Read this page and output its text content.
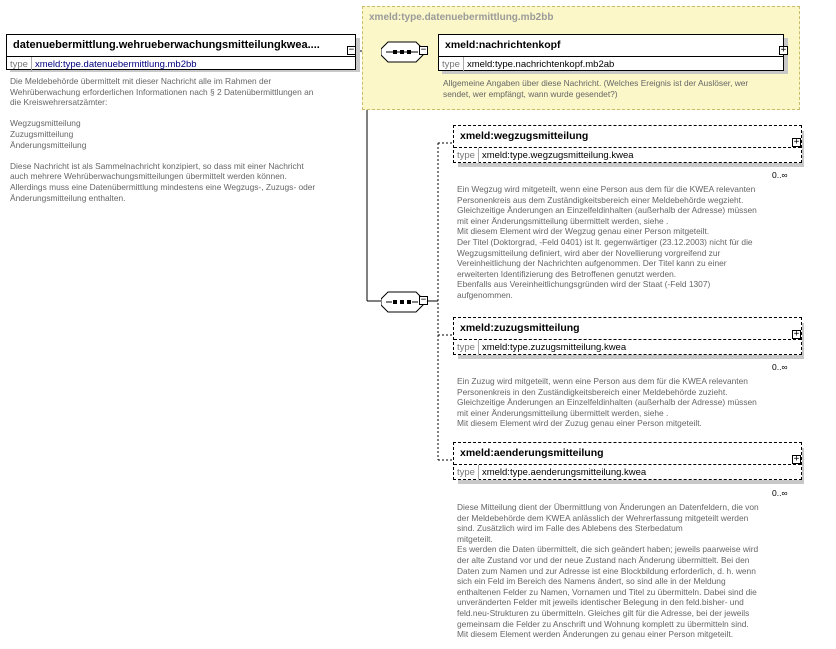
datenuebermittlung.wehrueberwachungsmitteilungkwea....
type xmeld:type.datenuebermittlung.mb2bb
−
Die Meldebehörde übermittelt mit dieser Nachricht alle im Rahmen der
Wehrüberwachung erforderlichen Informationen nach § 2 Datenübermittlungen an
die Kreiswehrersatzämter:

Wegzugsmitteilung
Zuzugsmitteilung
Änderungsmitteilung

Diese Nachricht ist als Sammelnachricht konzipiert, so dass mit einer Nachricht
auch mehrere Wehrüberwachungsmitteilungen übermittelt werden können.
Allerdings muss eine Datenübermittlung mindestens eine Wegzugs-, Zuzugs- oder
Änderungsmitteilung enthalten.
xmeld:type.datenuebermittlung.mb2bb
−	xmeld:nachrichtenkopf
type xmeld:type.nachrichtenkopf.mb2ab
+
Allgemeine Angaben über diese Nachricht. (Welches Ereignis ist der Auslöser, wer
sendet, wer empfängt, wann wurde gesendet?)
−
xmeld:wegzugsmitteilung
type xmeld:type.wegzugsmitteilung.kwea
+
0..∞
Ein Wegzug wird mitgeteilt, wenn eine Person aus dem für die KWEA relevanten
Personenkreis aus dem Zuständigkeitsbereich einer Meldebehörde wegzieht.
Gleichzeitige Änderungen an Einzelfeldinhalten (außerhalb der Adresse) müssen
mit einer Änderungsmitteilung übermittelt werden, siehe .
Mit diesem Element wird der Wegzug genau einer Person mitgeteilt.
Der Titel (Doktorgrad, -Feld 0401) ist lt. gegenwärtiger (23.12.2003) nicht für die
Wegzugsmitteilung definiert, wird aber der Novellierung vorgreifend zur
Vereinheitlichung der Nachrichten aufgenommen. Der Titel kann zu einer
erweiterten Identifizierung des Betroffenen genutzt werden.
Ebenfalls aus Vereinheitlichungsgründen wird der Staat (-Feld 1307)
aufgenommen.
xmeld:zuzugsmitteilung
type xmeld:type.zuzugsmitteilung.kwea
+
0..∞
Ein Zuzug wird mitgeteilt, wenn eine Person aus dem für die KWEA relevanten
Personenkreis in den Zuständigkeitsbereich einer Meldebehörde zuzieht.
Gleichzeitige Änderungen an Einzelfeldinhalten (außerhalb der Adresse) müssen
mit einer Änderungsmitteilung übermittelt werden, siehe .
Mit diesem Element wird der Zuzug genau einer Person mitgeteilt.
xmeld:aenderungsmitteilung
type xmeld:type.aenderungsmitteilung.kwea
+
0..∞
Diese Mitteilung dient der Übermittlung von Änderungen an Datenfeldern, die von
der Meldebehörde dem KWEA anlässlich der Wehrerfassung mitgeteilt werden
sind. Zusätzlich wird im Falle des Ablebens des Sterbedatum
mitgeteilt.
Es werden die Daten übermittelt, die sich geändert haben; jeweils paarweise wird
der alte Zustand vor und der neue Zustand nach Änderung übermittelt. Bei den
Daten zum Namen und zur Adresse ist eine Blockbildung erforderlich, d. h. wenn
sich ein Feld im Bereich des Namens ändert, so sind alle in der Meldung
enthaltenen Felder zu Namen, Vornamen und Titel zu übermitteln. Dabei sind die
unveränderten Felder mit jeweils identischer Belegung in den feld.bisher- und
feld.neu-Strukturen zu übermitteln. Gleiches gilt für die Adresse, bei der jeweils
gemeinsam die Felder zu Anschrift und Wohnung komplett zu übermitteln sind.
Mit diesem Element werden Änderungen zu genau einer Person mitgeteilt.
